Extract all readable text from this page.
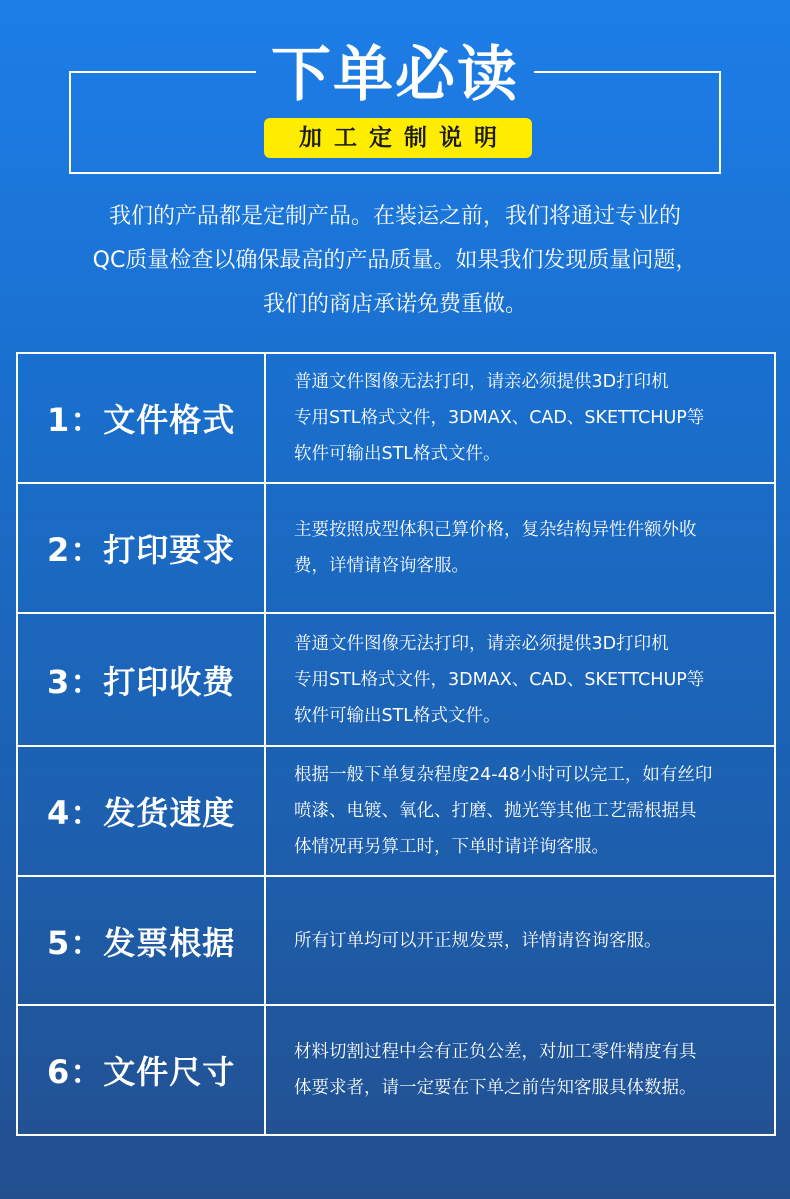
下单必读
加工定制说明
我们的产品都是定制产品。在装运之前，我们将通过专业的
QC质量检查以确保最高的产品质量。如果我们发现质量问题，
我们的商店承诺免费重做。
1：文件格式
普通文件图像无法打印，请亲必须提供3D打印机
专用STL格式文件，3DMAX、CAD、SKETTCHUP等
软件可输出STL格式文件。
2：打印要求
主要按照成型体积己算价格，复杂结构异性件额外收
费，详情请咨询客服。
3：打印收费
普通文件图像无法打印，请亲必须提供3D打印机
专用STL格式文件，3DMAX、CAD、SKETTCHUP等
软件可输出STL格式文件。
4：发货速度
根据一般下单复杂程度24-48小时可以完工，如有丝印
喷漆、电镀、氧化、打磨、抛光等其他工艺需根据具
体情况再另算工时，下单时请详询客服。
5：发票根据	所有订单均可以开正规发票，详情请咨询客服。
6：文件尺寸
材料切割过程中会有正负公差，对加工零件精度有具
体要求者，请一定要在下单之前告知客服具体数据。
